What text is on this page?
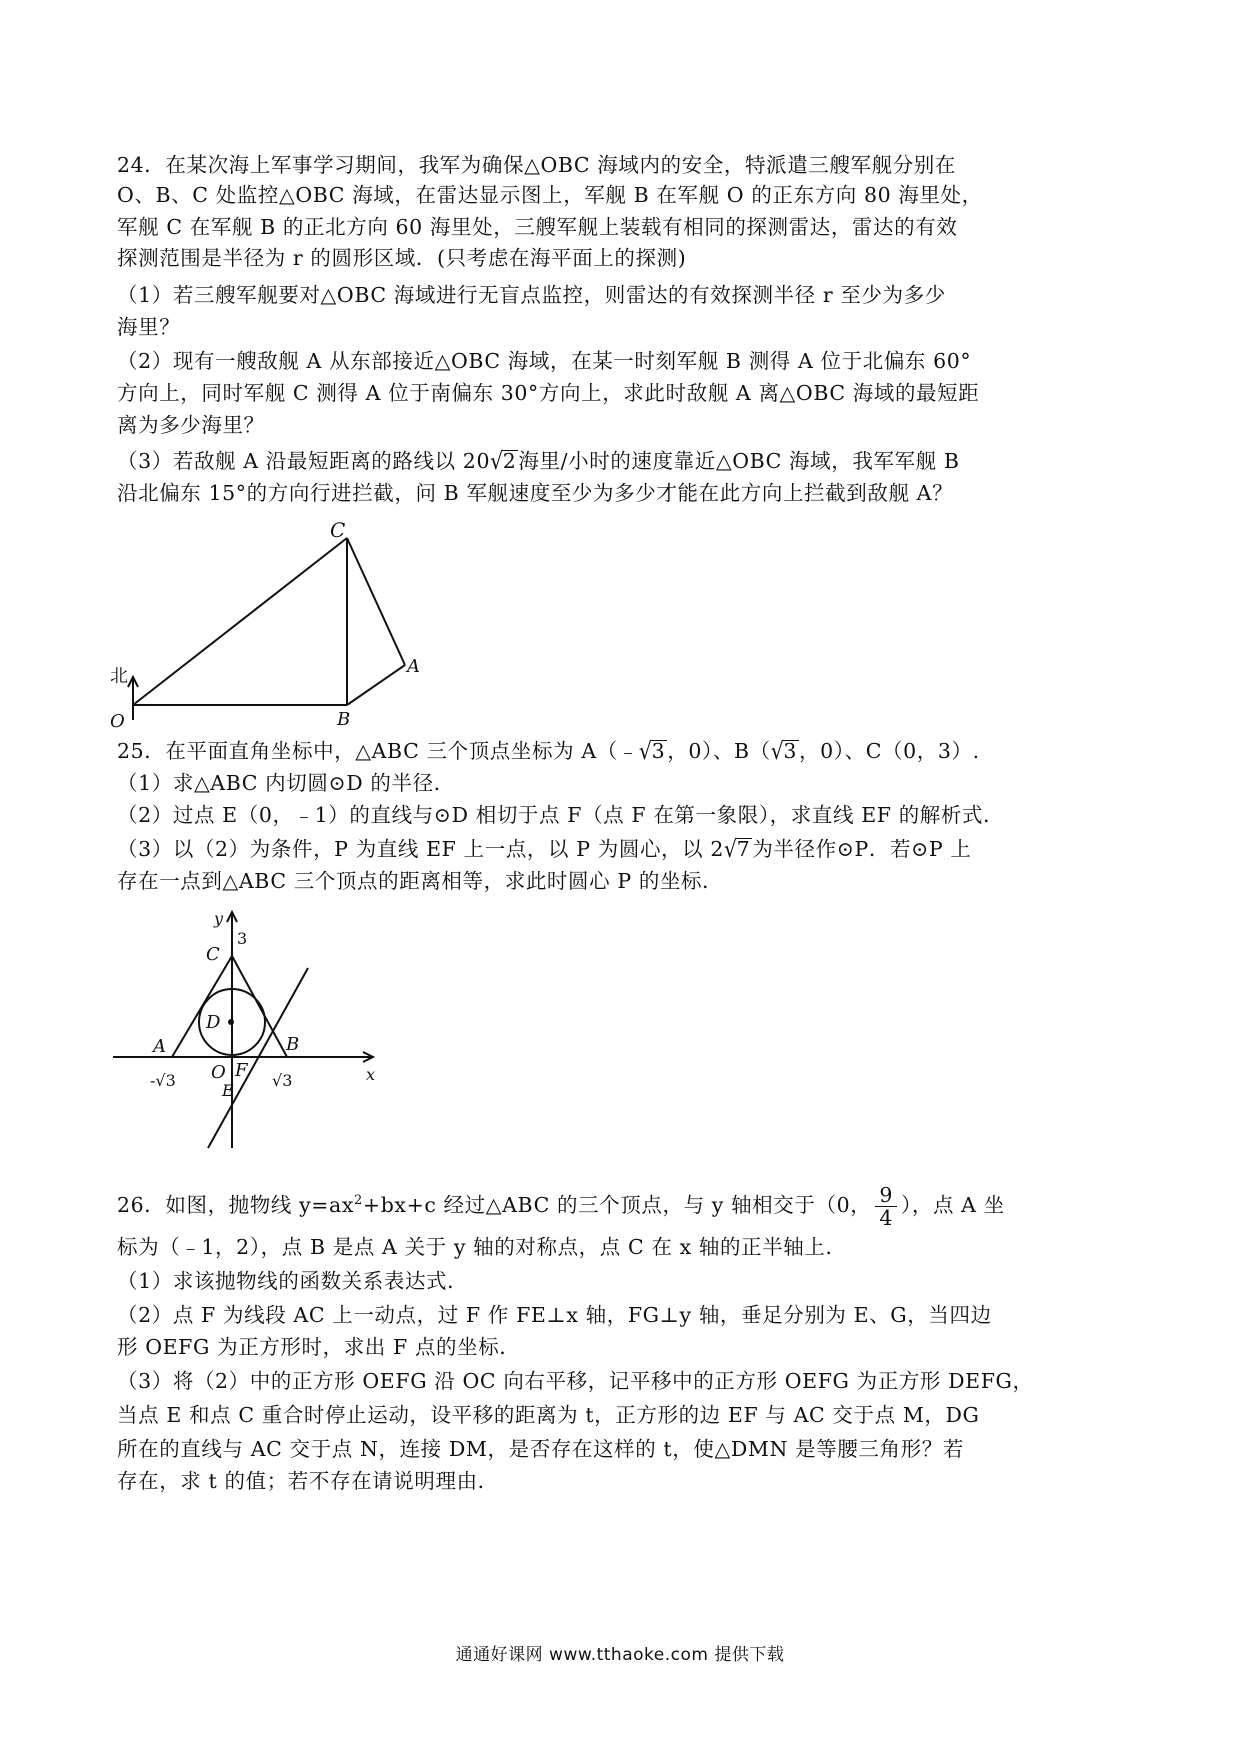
24．在某次海上军事学习期间，我军为确保△OBC 海域内的安全，特派遣三艘军舰分别在
O、B、C 处监控△OBC 海域，在雷达显示图上，军舰 B 在军舰 O 的正东方向 80 海里处，
军舰 C 在军舰 B 的正北方向 60 海里处，三艘军舰上装载有相同的探测雷达，雷达的有效
探测范围是半径为 r 的圆形区域．(只考虑在海平面上的探测)
（1）若三艘军舰要对△OBC 海域进行无盲点监控，则雷达的有效探测半径 r 至少为多少
海里？
（2）现有一艘敌舰 A 从东部接近△OBC 海域，在某一时刻军舰 B 测得 A 位于北偏东 60°
方向上，同时军舰 C 测得 A 位于南偏东 30°方向上，求此时敌舰 A 离△OBC 海域的最短距
离为多少海里？
（3）若敌舰 A 沿最短距离的路线以 20√2海里/小时的速度靠近△OBC 海域，我军军舰 B
沿北偏东 15°的方向行进拦截，问 B 军舰速度至少为多少才能在此方向上拦截到敌舰 A？
C
A
B
O
北
25．在平面直角坐标中，△ABC 三个顶点坐标为 A（﹣√3，0）、B（√3，0）、C（0，3）.
（1）求△ABC 内切圆⊙D 的半径．
（2）过点 E（0，﹣1）的直线与⊙D 相切于点 F（点 F 在第一象限），求直线 EF 的解析式．
（3）以（2）为条件，P 为直线 EF 上一点，以 P 为圆心，以 2√7为半径作⊙P．若⊙P 上
存在一点到△ABC 三个顶点的距离相等，求此时圆心 P 的坐标．
y
3
C
D
A	B
O F
E
-√3	√3	x
26．如图，抛物线 $y=ax^2+bx+c$ 经过△ABC 的三个顶点，与 y 轴相交于（0， $\frac{9}{4}$ ），点 A 坐
标为（﹣1，2），点 B 是点 A 关于 y 轴的对称点，点 C 在 x 轴的正半轴上．
（1）求该抛物线的函数关系表达式．
（2）点 F 为线段 AC 上一动点，过 F 作 FE⊥x 轴，FG⊥y 轴，垂足分别为 E、G，当四边
形 OEFG 为正方形时，求出 F 点的坐标．
（3）将（2）中的正方形 OEFG 沿 OC 向右平移，记平移中的正方形 OEFG 为正方形 DEFG，
当点 E 和点 C 重合时停止运动，设平移的距离为 t，正方形的边 EF 与 AC 交于点 M，DG
所在的直线与 AC 交于点 N，连接 DM，是否存在这样的 t，使△DMN 是等腰三角形？若
存在，求 t 的值；若不存在请说明理由．
通通好课网 www.tthaoke.com 提供下载
